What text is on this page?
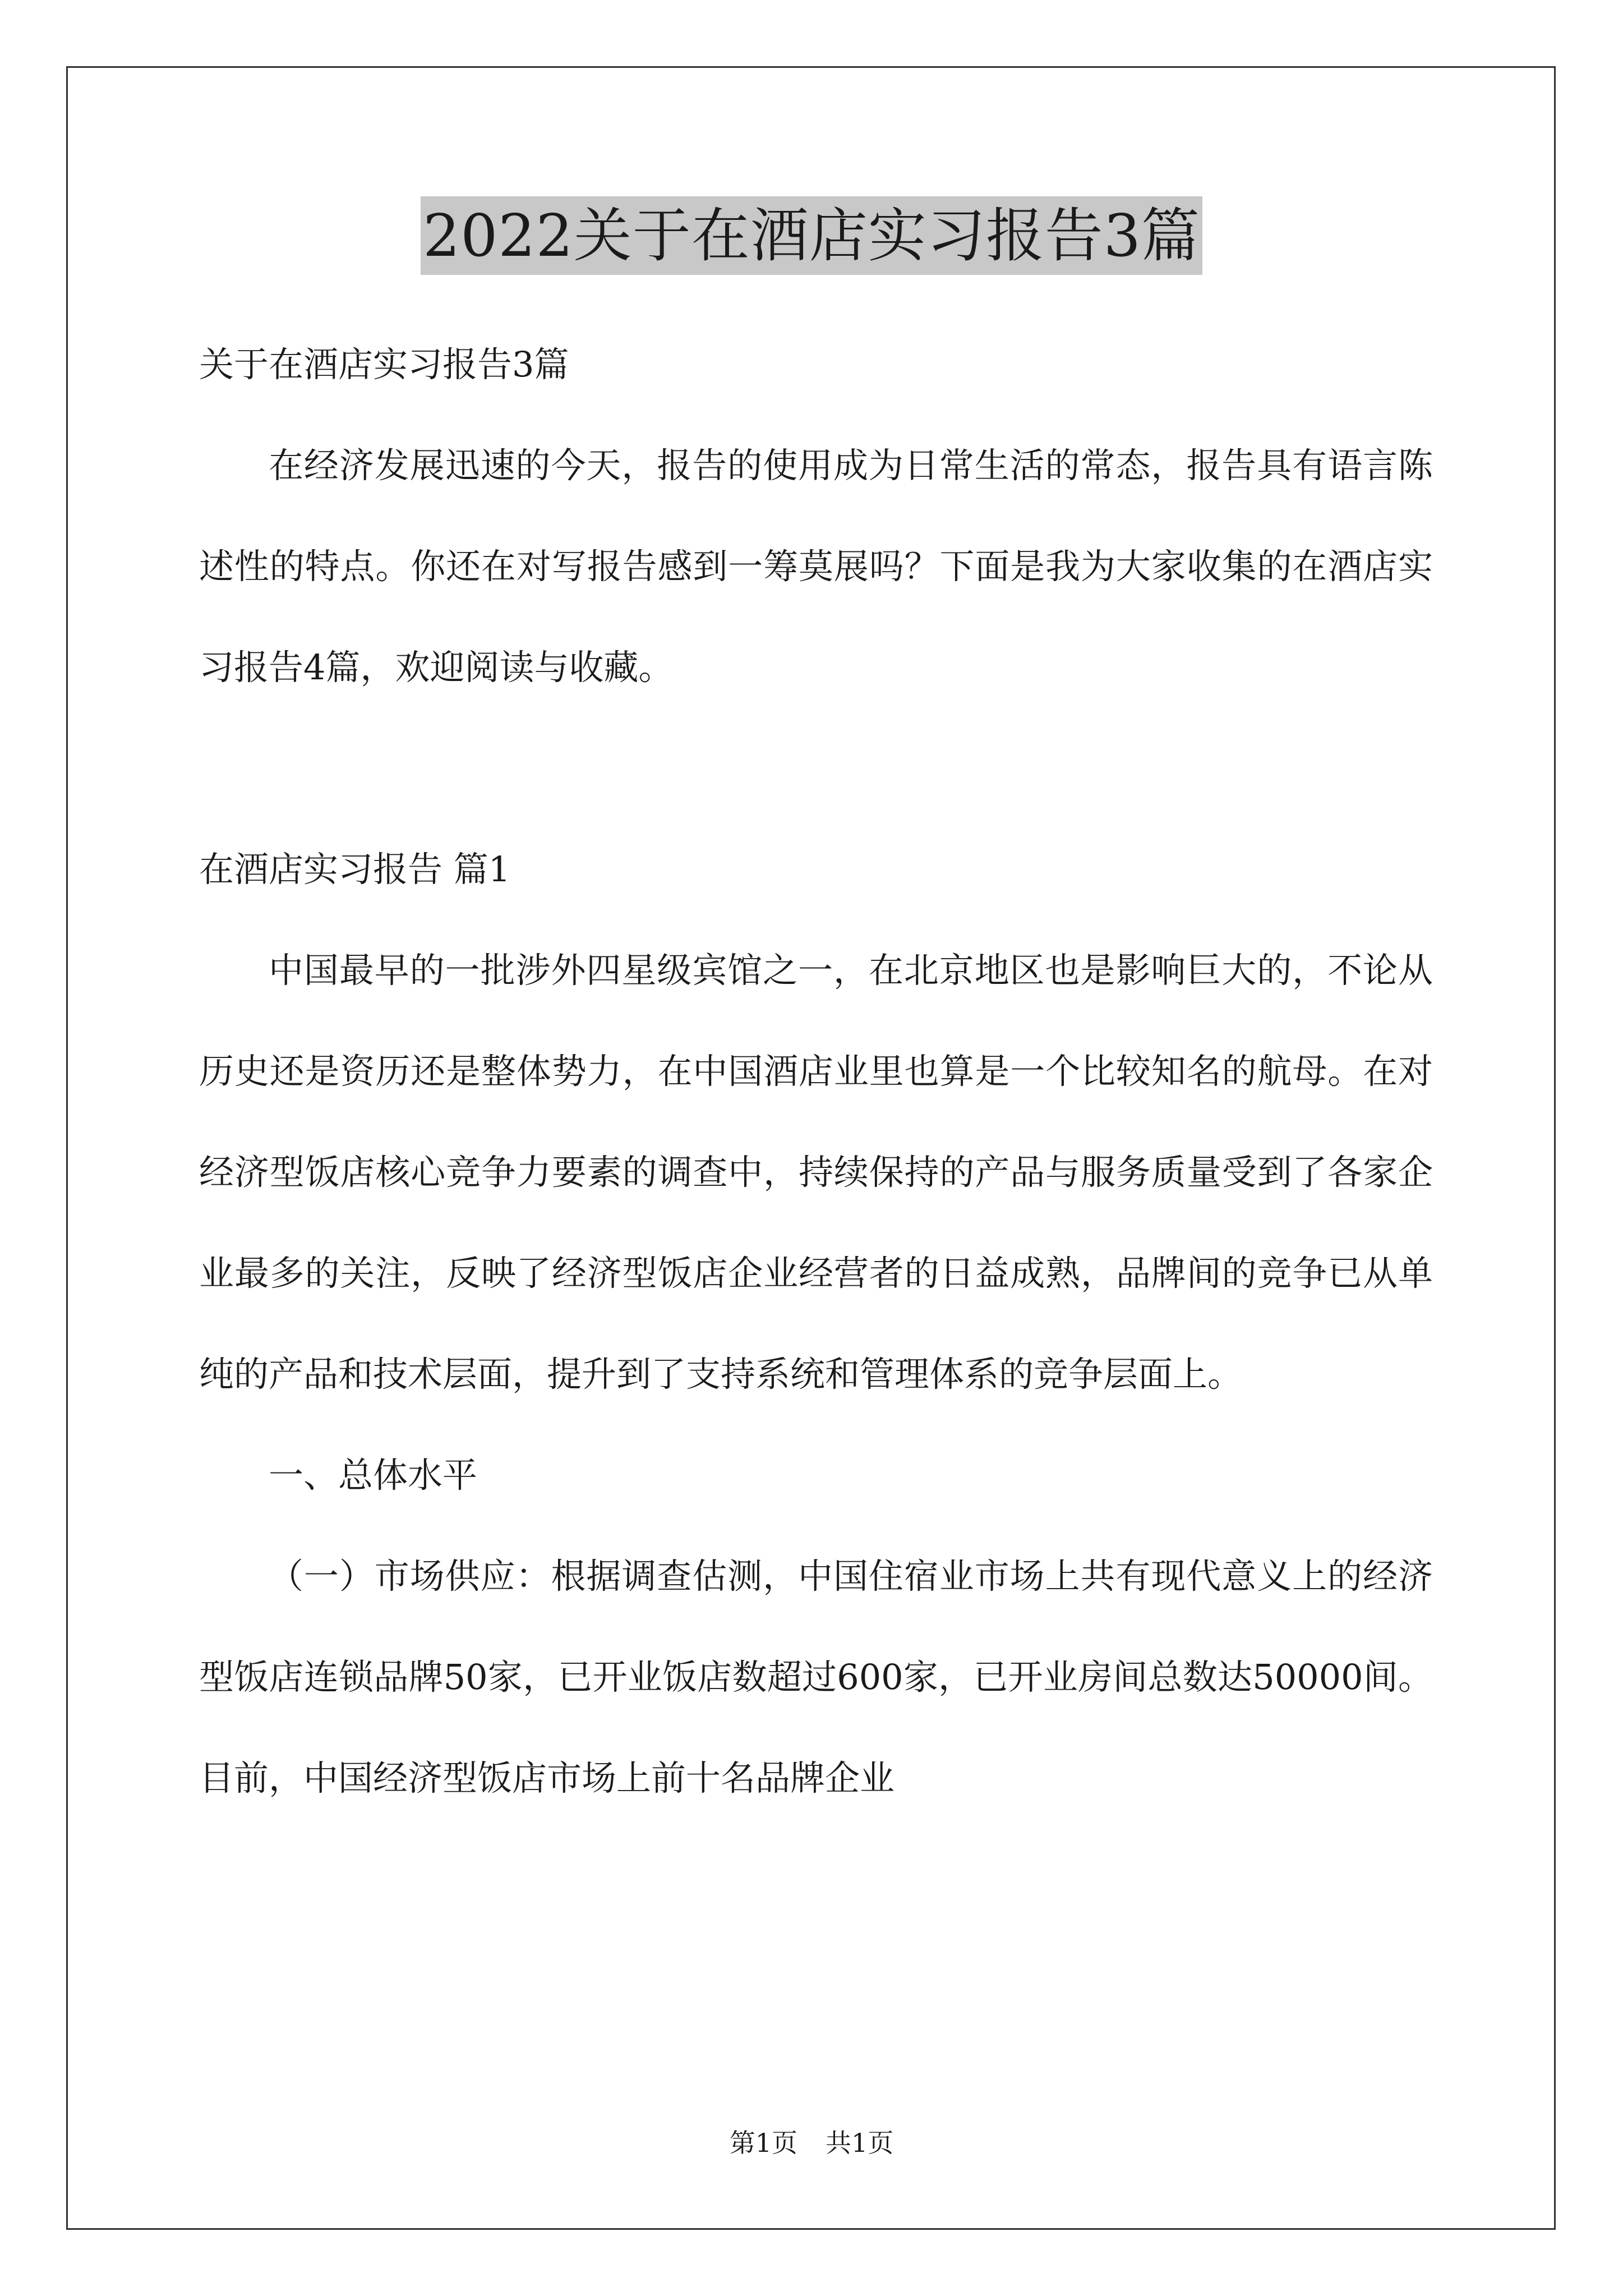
2022关于在酒店实习报告3篇

关于在酒店实习报告3篇

在经济发展迅速的今天，报告的使用成为日常生活的常态，报告具有语言陈述性的特点。你还在对写报告感到一筹莫展吗？下面是我为大家收集的在酒店实习报告4篇，欢迎阅读与收藏。

在酒店实习报告 篇1

中国最早的一批涉外四星级宾馆之一，在北京地区也是影响巨大的，不论从历史还是资历还是整体势力，在中国酒店业里也算是一个比较知名的航母。在对经济型饭店核心竞争力要素的调查中，持续保持的产品与服务质量受到了各家企业最多的关注，反映了经济型饭店企业经营者的日益成熟，品牌间的竞争已从单纯的产品和技术层面，提升到了支持系统和管理体系的竞争层面上。

一、总体水平

（一）市场供应：根据调查估测，中国住宿业市场上共有现代意义上的经济型饭店连锁品牌50家，已开业饭店数超过600家，已开业房间总数达50000间。目前，中国经济型饭店市场上前十名品牌企业

第1页 共1页
